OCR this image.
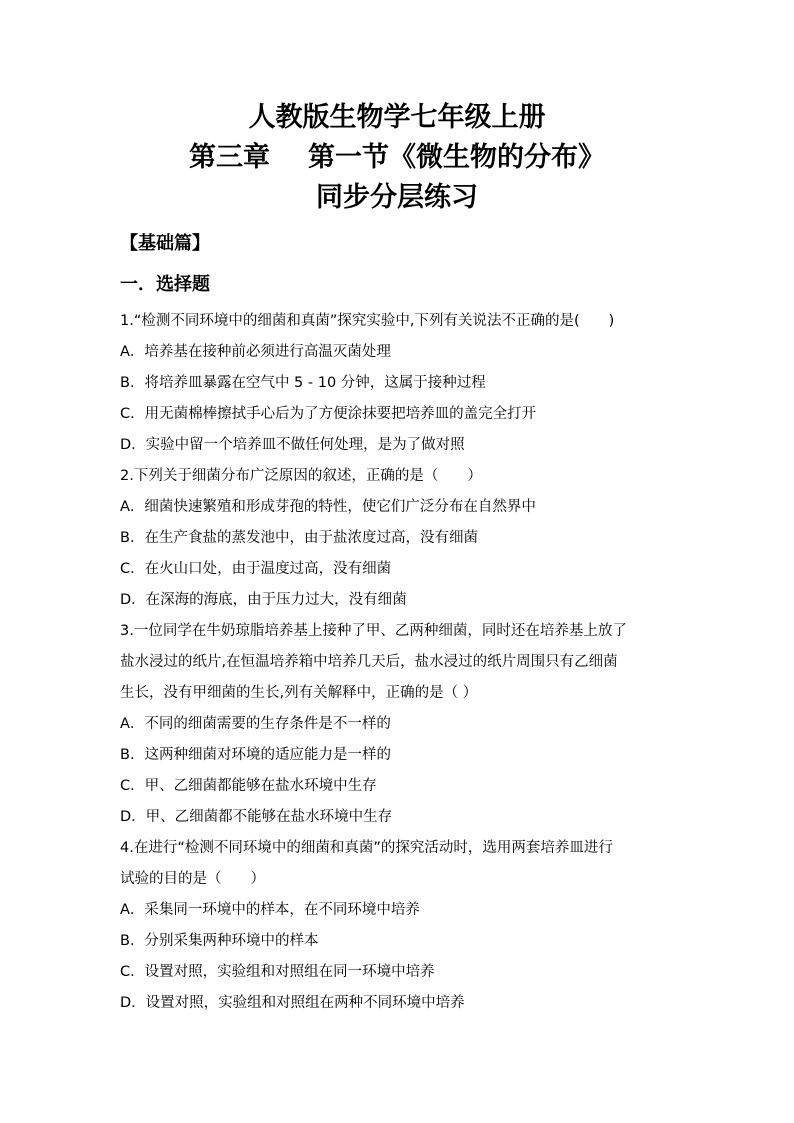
人教版生物学七年级上册
第三章 第一节《微生物的分布》
同步分层练习
【基础篇】
一．选择题
1.“检测不同环境中的细菌和真菌”探究实验中,下列有关说法不正确的是(　　)
A．培养基在接种前必须进行高温灭菌处理
B．将培养皿暴露在空气中 5 - 10 分钟，这属于接种过程
C．用无菌棉棒擦拭手心后为了方便涂抹要把培养皿的盖完全打开
D．实验中留一个培养皿不做任何处理，是为了做对照
2.下列关于细菌分布广泛原因的叙述，正确的是（　　）
A．细菌快速繁殖和形成芽孢的特性，使它们广泛分布在自然界中
B．在生产食盐的蒸发池中，由于盐浓度过高，没有细菌
C．在火山口处，由于温度过高，没有细菌
D．在深海的海底，由于压力过大，没有细菌
3.一位同学在牛奶琼脂培养基上接种了甲、乙两种细菌，同时还在培养基上放了
盐水浸过的纸片,在恒温培养箱中培养几天后，盐水浸过的纸片周围只有乙细菌
生长，没有甲细菌的生长,列有关解释中，正确的是（ ）
A．不同的细菌需要的生存条件是不一样的
B．这两种细菌对环境的适应能力是一样的
C．甲、乙细菌都能够在盐水环境中生存
D．甲、乙细菌都不能够在盐水环境中生存
4.在进行“检测不同环境中的细菌和真菌”的探究活动时，选用两套培养皿进行
试验的目的是（　　）
A．采集同一环境中的样本，在不同环境中培养
B．分别采集两种环境中的样本
C．设置对照，实验组和对照组在同一环境中培养
D．设置对照，实验组和对照组在两种不同环境中培养
